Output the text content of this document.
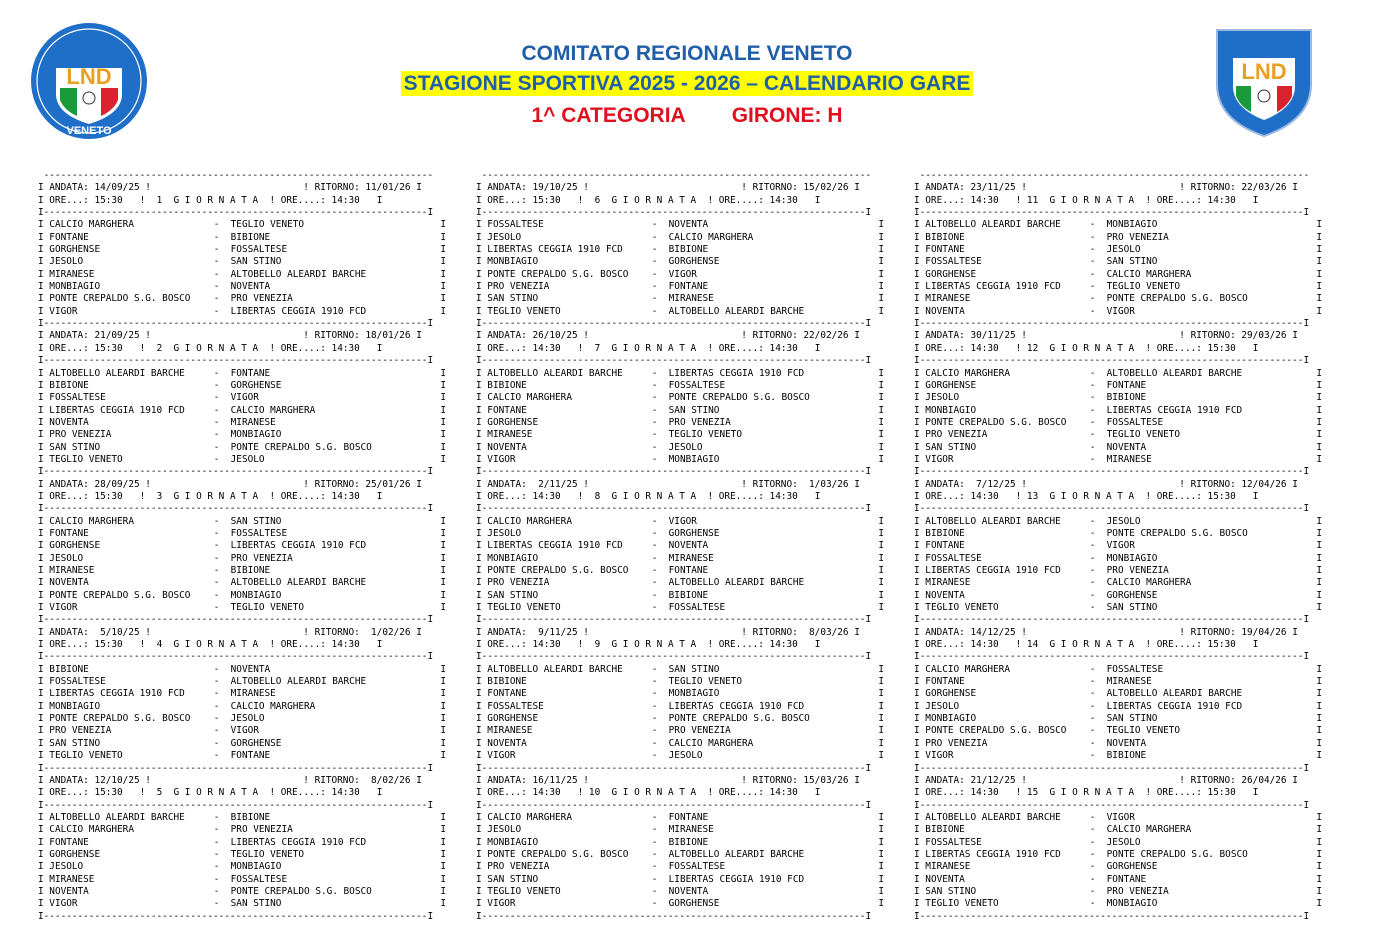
LND
VENETO
COMITATO REGIONALE VENETO
STAGIONE SPORTIVA 2025 - 2026 – CALENDARIO GARE
1^ CATEGORIA GIRONE: H
LND
---------------------------------------------------------------------
I ANDATA: 14/09/25 !                           ! RITORNO: 11/01/26 I
I ORE...: 15:30   !  1  G I O R N A T A  ! ORE....: 14:30   I
I--------------------------------------------------------------------I
I CALCIO MARGHERA	-  TEGLIO VENETO	I
I FONTANE	-  BIBIONE	I
I GORGHENSE	-  FOSSALTESE	I
I JESOLO	-  SAN STINO	I
I MIRANESE	-  ALTOBELLO ALEARDI BARCHE	I
I MONBIAGIO	-  NOVENTA	I
I PONTE CREPALDO S.G. BOSCO -  PRO VENEZIA	I
I VIGOR	-  LIBERTAS CEGGIA 1910 FCD	I
I--------------------------------------------------------------------I
I ANDATA: 21/09/25 !                           ! RITORNO: 18/01/26 I
I ORE...: 15:30   !  2  G I O R N A T A  ! ORE....: 14:30   I
I--------------------------------------------------------------------I
I ALTOBELLO ALEARDI BARCHE	-  FONTANE	I
I BIBIONE	-  GORGHENSE	I
I FOSSALTESE	-  VIGOR	I
I LIBERTAS CEGGIA 1910 FCD	-  CALCIO MARGHERA	I
I NOVENTA	-  MIRANESE	I
I PRO VENEZIA	-  MONBIAGIO	I
I SAN STINO	-  PONTE CREPALDO S.G. BOSCO	I
I TEGLIO VENETO	-  JESOLO	I
I--------------------------------------------------------------------I
I ANDATA: 28/09/25 !                           ! RITORNO: 25/01/26 I
I ORE...: 15:30   !  3  G I O R N A T A  ! ORE....: 14:30   I
I--------------------------------------------------------------------I
I CALCIO MARGHERA	-  SAN STINO	I
I FONTANE	-  FOSSALTESE	I
I GORGHENSE	-  LIBERTAS CEGGIA 1910 FCD	I
I JESOLO	-  PRO VENEZIA	I
I MIRANESE	-  BIBIONE	I
I NOVENTA	-  ALTOBELLO ALEARDI BARCHE	I
I PONTE CREPALDO S.G. BOSCO -  MONBIAGIO	I
I VIGOR	-  TEGLIO VENETO	I
I--------------------------------------------------------------------I
I ANDATA:  5/10/25 !                           ! RITORNO:  1/02/26 I
I ORE...: 15:30   !  4  G I O R N A T A  ! ORE....: 14:30   I
I--------------------------------------------------------------------I
I BIBIONE	-  NOVENTA	I
I FOSSALTESE	-  ALTOBELLO ALEARDI BARCHE	I
I LIBERTAS CEGGIA 1910 FCD	-  MIRANESE	I
I MONBIAGIO	-  CALCIO MARGHERA	I
I PONTE CREPALDO S.G. BOSCO -  JESOLO	I
I PRO VENEZIA	-  VIGOR	I
I SAN STINO	-  GORGHENSE	I
I TEGLIO VENETO	-  FONTANE	I
I--------------------------------------------------------------------I
I ANDATA: 12/10/25 !                           ! RITORNO:  8/02/26 I
I ORE...: 15:30   !  5  G I O R N A T A  ! ORE....: 14:30   I
I--------------------------------------------------------------------I
I ALTOBELLO ALEARDI BARCHE	-  BIBIONE	I
I CALCIO MARGHERA	-  PRO VENEZIA	I
I FONTANE	-  LIBERTAS CEGGIA 1910 FCD	I
I GORGHENSE	-  TEGLIO VENETO	I
I JESOLO	-  MONBIAGIO	I
I MIRANESE	-  FOSSALTESE	I
I NOVENTA	-  PONTE CREPALDO S.G. BOSCO	I
I VIGOR	-  SAN STINO	I
I--------------------------------------------------------------------I
---------------------------------------------------------------------
I ANDATA: 19/10/25 !                           ! RITORNO: 15/02/26 I
I ORE...: 15:30   !  6  G I O R N A T A  ! ORE....: 14:30   I
I--------------------------------------------------------------------I
I FOSSALTESE	-  NOVENTA	I
I JESOLO	-  CALCIO MARGHERA	I
I LIBERTAS CEGGIA 1910 FCD	-  BIBIONE	I
I MONBIAGIO	-  GORGHENSE	I
I PONTE CREPALDO S.G. BOSCO -  VIGOR	I
I PRO VENEZIA	-  FONTANE	I
I SAN STINO	-  MIRANESE	I
I TEGLIO VENETO	-  ALTOBELLO ALEARDI BARCHE	I
I--------------------------------------------------------------------I
I ANDATA: 26/10/25 !                           ! RITORNO: 22/02/26 I
I ORE...: 14:30   !  7  G I O R N A T A  ! ORE....: 14:30   I
I--------------------------------------------------------------------I
I ALTOBELLO ALEARDI BARCHE	-  LIBERTAS CEGGIA 1910 FCD	I
I BIBIONE	-  FOSSALTESE	I
I CALCIO MARGHERA	-  PONTE CREPALDO S.G. BOSCO	I
I FONTANE	-  SAN STINO	I
I GORGHENSE	-  PRO VENEZIA	I
I MIRANESE	-  TEGLIO VENETO	I
I NOVENTA	-  JESOLO	I
I VIGOR	-  MONBIAGIO	I
I--------------------------------------------------------------------I
I ANDATA:  2/11/25 !                           ! RITORNO:  1/03/26 I
I ORE...: 14:30   !  8  G I O R N A T A  ! ORE....: 14:30   I
I--------------------------------------------------------------------I
I CALCIO MARGHERA	-  VIGOR	I
I JESOLO	-  GORGHENSE	I
I LIBERTAS CEGGIA 1910 FCD	-  NOVENTA	I
I MONBIAGIO	-  MIRANESE	I
I PONTE CREPALDO S.G. BOSCO -  FONTANE	I
I PRO VENEZIA	-  ALTOBELLO ALEARDI BARCHE	I
I SAN STINO	-  BIBIONE	I
I TEGLIO VENETO	-  FOSSALTESE	I
I--------------------------------------------------------------------I
I ANDATA:  9/11/25 !                           ! RITORNO:  8/03/26 I
I ORE...: 14:30   !  9  G I O R N A T A  ! ORE....: 14:30   I
I--------------------------------------------------------------------I
I ALTOBELLO ALEARDI BARCHE	-  SAN STINO	I
I BIBIONE	-  TEGLIO VENETO	I
I FONTANE	-  MONBIAGIO	I
I FOSSALTESE	-  LIBERTAS CEGGIA 1910 FCD	I
I GORGHENSE	-  PONTE CREPALDO S.G. BOSCO	I
I MIRANESE	-  PRO VENEZIA	I
I NOVENTA	-  CALCIO MARGHERA	I
I VIGOR	-  JESOLO	I
I--------------------------------------------------------------------I
I ANDATA: 16/11/25 !                           ! RITORNO: 15/03/26 I
I ORE...: 14:30   ! 10  G I O R N A T A  ! ORE....: 14:30   I
I--------------------------------------------------------------------I
I CALCIO MARGHERA	-  FONTANE	I
I JESOLO	-  MIRANESE	I
I MONBIAGIO	-  BIBIONE	I
I PONTE CREPALDO S.G. BOSCO -  ALTOBELLO ALEARDI BARCHE	I
I PRO VENEZIA	-  FOSSALTESE	I
I SAN STINO	-  LIBERTAS CEGGIA 1910 FCD	I
I TEGLIO VENETO	-  NOVENTA	I
I VIGOR	-  GORGHENSE	I
I--------------------------------------------------------------------I
---------------------------------------------------------------------
I ANDATA: 23/11/25 !                           ! RITORNO: 22/03/26 I
I ORE...: 14:30   ! 11  G I O R N A T A  ! ORE....: 14:30   I
I--------------------------------------------------------------------I
I ALTOBELLO ALEARDI BARCHE	-  MONBIAGIO	I
I BIBIONE	-  PRO VENEZIA	I
I FONTANE	-  JESOLO	I
I FOSSALTESE	-  SAN STINO	I
I GORGHENSE	-  CALCIO MARGHERA	I
I LIBERTAS CEGGIA 1910 FCD	-  TEGLIO VENETO	I
I MIRANESE	-  PONTE CREPALDO S.G. BOSCO	I
I NOVENTA	-  VIGOR	I
I--------------------------------------------------------------------I
I ANDATA: 30/11/25 !                           ! RITORNO: 29/03/26 I
I ORE...: 14:30   ! 12  G I O R N A T A  ! ORE....: 15:30   I
I--------------------------------------------------------------------I
I CALCIO MARGHERA	-  ALTOBELLO ALEARDI BARCHE	I
I GORGHENSE	-  FONTANE	I
I JESOLO	-  BIBIONE	I
I MONBIAGIO	-  LIBERTAS CEGGIA 1910 FCD	I
I PONTE CREPALDO S.G. BOSCO -  FOSSALTESE	I
I PRO VENEZIA	-  TEGLIO VENETO	I
I SAN STINO	-  NOVENTA	I
I VIGOR	-  MIRANESE	I
I--------------------------------------------------------------------I
I ANDATA:  7/12/25 !                           ! RITORNO: 12/04/26 I
I ORE...: 14:30   ! 13  G I O R N A T A  ! ORE....: 15:30   I
I--------------------------------------------------------------------I
I ALTOBELLO ALEARDI BARCHE	-  JESOLO	I
I BIBIONE	-  PONTE CREPALDO S.G. BOSCO	I
I FONTANE	-  VIGOR	I
I FOSSALTESE	-  MONBIAGIO	I
I LIBERTAS CEGGIA 1910 FCD	-  PRO VENEZIA	I
I MIRANESE	-  CALCIO MARGHERA	I
I NOVENTA	-  GORGHENSE	I
I TEGLIO VENETO	-  SAN STINO	I
I--------------------------------------------------------------------I
I ANDATA: 14/12/25 !                           ! RITORNO: 19/04/26 I
I ORE...: 14:30   ! 14  G I O R N A T A  ! ORE....: 15:30   I
I--------------------------------------------------------------------I
I CALCIO MARGHERA	-  FOSSALTESE	I
I FONTANE	-  MIRANESE	I
I GORGHENSE	-  ALTOBELLO ALEARDI BARCHE	I
I JESOLO	-  LIBERTAS CEGGIA 1910 FCD	I
I MONBIAGIO	-  SAN STINO	I
I PONTE CREPALDO S.G. BOSCO -  TEGLIO VENETO	I
I PRO VENEZIA	-  NOVENTA	I
I VIGOR	-  BIBIONE	I
I--------------------------------------------------------------------I
I ANDATA: 21/12/25 !                           ! RITORNO: 26/04/26 I
I ORE...: 14:30   ! 15  G I O R N A T A  ! ORE....: 15:30   I
I--------------------------------------------------------------------I
I ALTOBELLO ALEARDI BARCHE	-  VIGOR	I
I BIBIONE	-  CALCIO MARGHERA	I
I FOSSALTESE	-  JESOLO	I
I LIBERTAS CEGGIA 1910 FCD	-  PONTE CREPALDO S.G. BOSCO	I
I MIRANESE	-  GORGHENSE	I
I NOVENTA	-  FONTANE	I
I SAN STINO	-  PRO VENEZIA	I
I TEGLIO VENETO	-  MONBIAGIO	I
I--------------------------------------------------------------------I
